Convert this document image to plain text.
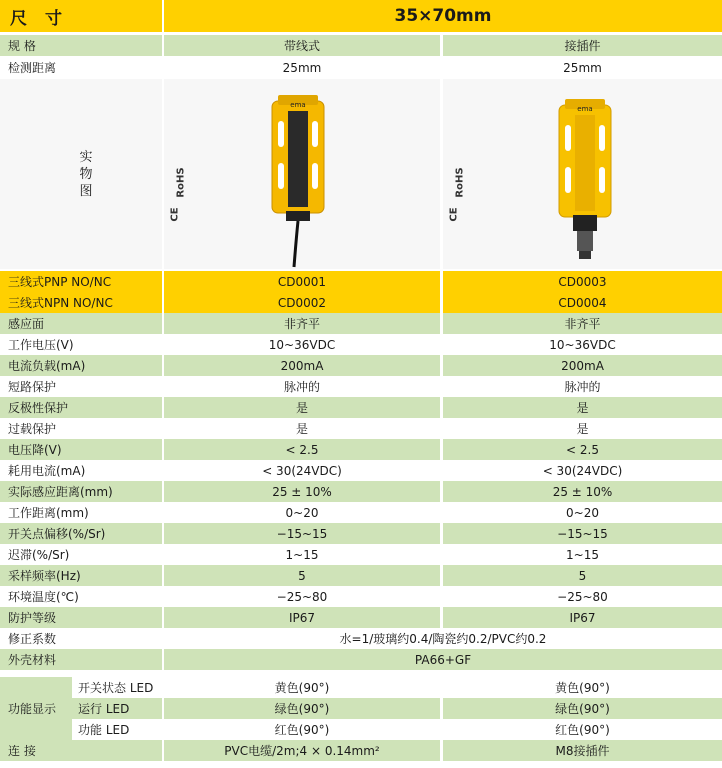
尺寸	35×70mm
规 格	带线式	接插件
检测距离	25mm	25mm
实
物
图
CE
RoHS
ema
CE
RoHS
ema
三线式PNP NO/NC	CD0001	CD0003
三线式NPN NO/NC	CD0002	CD0004
感应面	非齐平	非齐平
工作电压(V)	10~36VDC	10~36VDC
电流负载(mA)	200mA	200mA
短路保护	脉冲的	脉冲的
反极性保护	是	是
过载保护	是	是
电压降(V)	< 2.5	< 2.5
耗用电流(mA)	< 30(24VDC)	< 30(24VDC)
实际感应距离(mm)	25 ± 10%	25 ± 10%
工作距离(mm)	0~20	0~20
开关点偏移(%/Sr)	−15~15	−15~15
迟滞(%/Sr)	1~15	1~15
采样频率(Hz)	5	5
环境温度(℃)	−25~80	−25~80
防护等级	IP67	IP67
修正系数	水=1/玻璃约0.4/陶瓷约0.2/PVC约0.2
外壳材料	PA66+GF
功能显示
开关状态 LED	黄色(90°)	黄色(90°)
运行 LED	绿色(90°)	绿色(90°)
功能 LED	红色(90°)	红色(90°)
连 接	PVC电缆/2m;4 × 0.14mm²	M8接插件
